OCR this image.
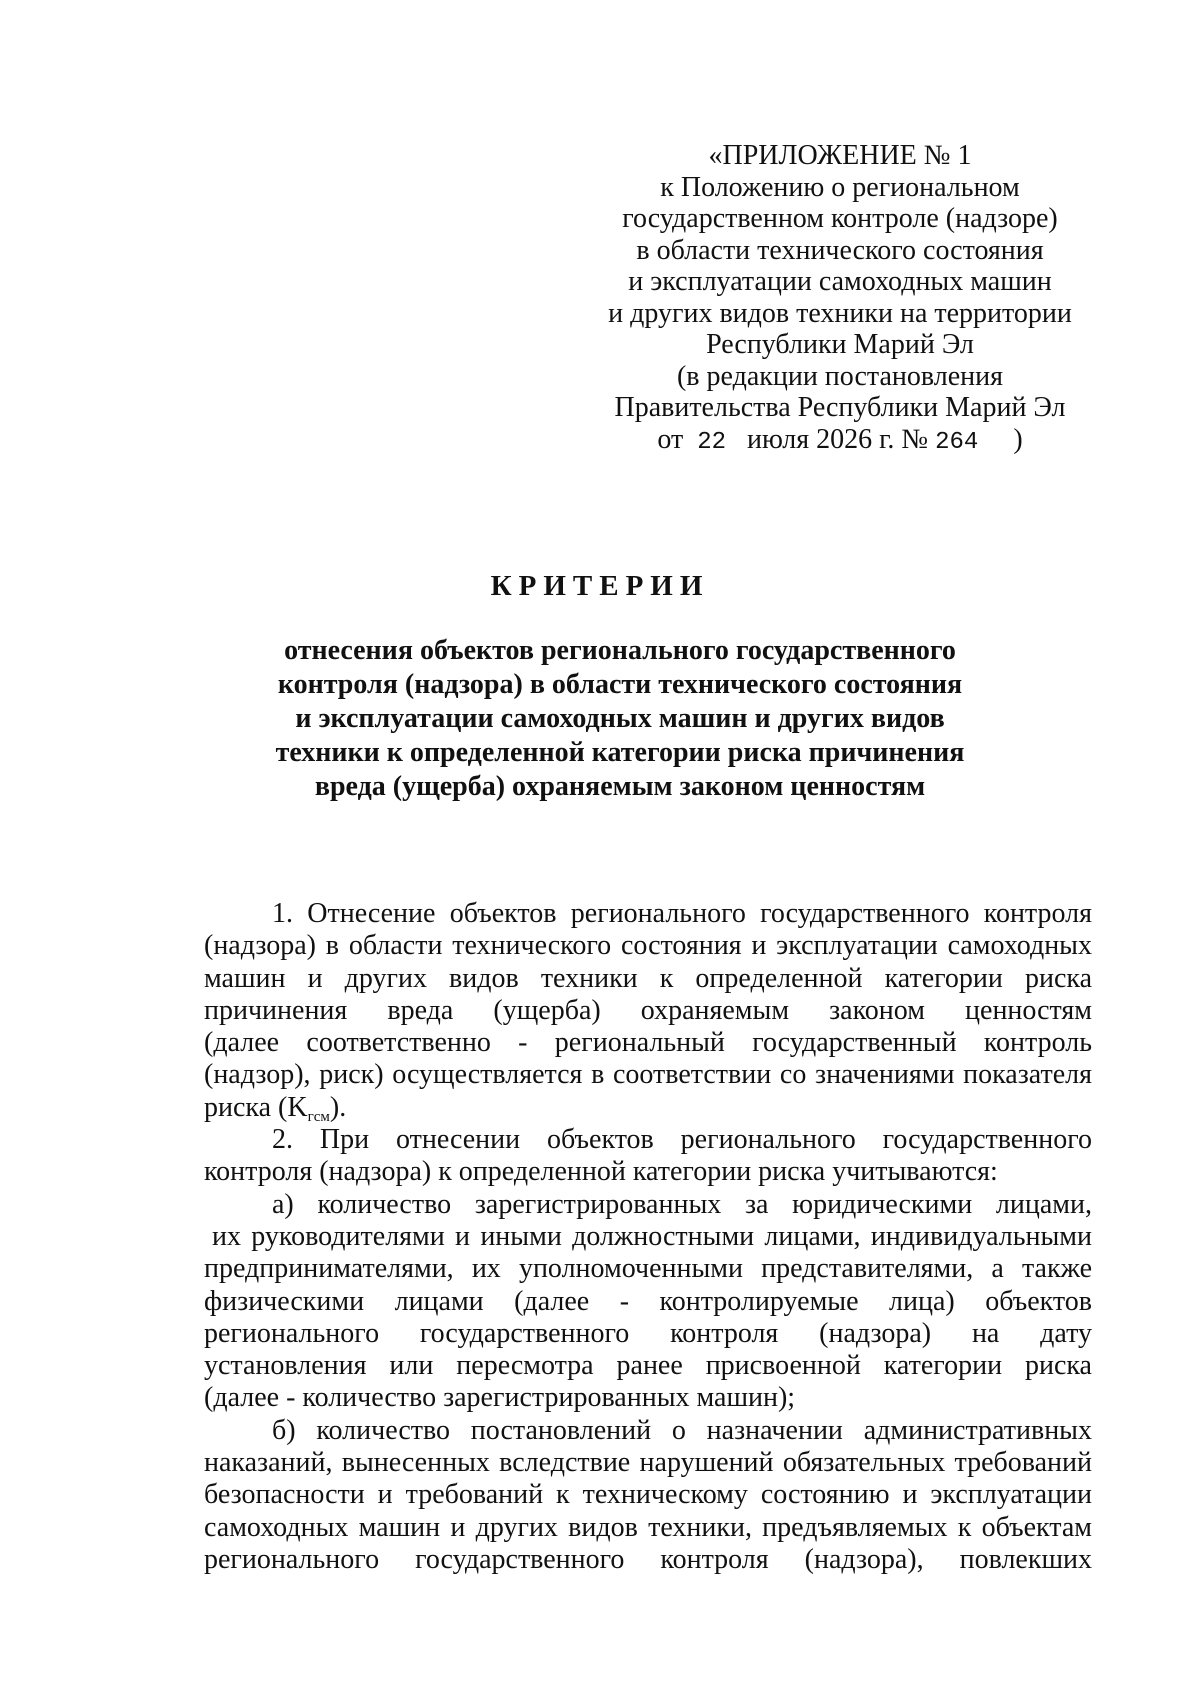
«ПРИЛОЖЕНИЕ № 1
к Положению о региональном
государственном контроле (надзоре)
в области технического состояния
и эксплуатации самоходных машин
и других видов техники на территории
Республики Марий Эл
(в редакции постановления
Правительства Республики Марий Эл
от 22 июля 2026 г. № 264 )
КРИТЕРИИ
отнесения объектов регионального государственного
контроля (надзора) в области технического состояния
и эксплуатации самоходных машин и других видов
техники к определенной категории риска причинения
вреда (ущерба) охраняемым законом ценностям
1. Отнесение объектов регионального государственного контроля
(надзора) в области технического состояния и эксплуатации самоходных
машин и других видов техники к определенной категории риска
причинения вреда (ущерба) охраняемым законом ценностям
(далее соответственно - региональный государственный контроль
(надзор), риск) осуществляется в соответствии со значениями показателя
риска $(K_{гсм})$.
2. При отнесении объектов регионального государственного
контроля (надзора) к определенной категории риска учитываются:
а) количество зарегистрированных за юридическими лицами,
их руководителями и иными должностными лицами, индивидуальными
предпринимателями, их уполномоченными представителями, а также
физическими лицами (далее - контролируемые лица) объектов
регионального государственного контроля (надзора) на дату
установления или пересмотра ранее присвоенной категории риска
(далее - количество зарегистрированных машин);
б) количество постановлений о назначении административных
наказаний, вынесенных вследствие нарушений обязательных требований
безопасности и требований к техническому состоянию и эксплуатации
самоходных машин и других видов техники, предъявляемых к объектам
регионального государственного контроля (надзора), повлекших
